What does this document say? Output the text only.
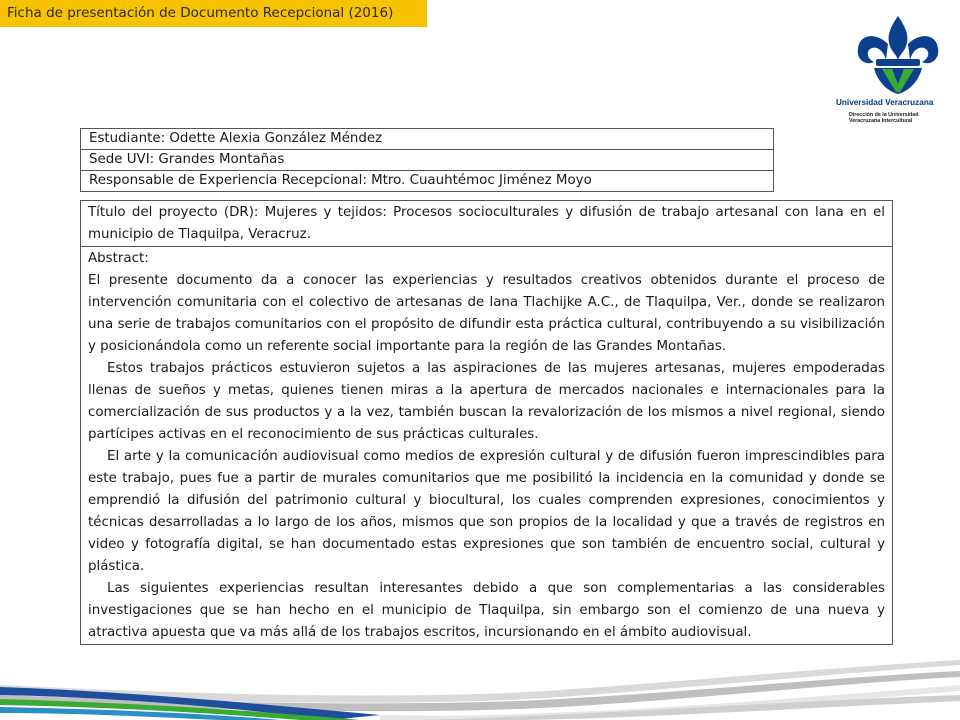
Ficha de presentación de Documento Recepcional (2016)
Universidad Veracruzana
Dirección de la Universidad
Veracruzana Intercultural
Estudiante: Odette Alexia González Méndez
Sede UVI: Grandes Montañas
Responsable de Experiencia Recepcional: Mtro. Cuauhtémoc Jiménez Moyo
Título del proyecto (DR): Mujeres y tejidos: Procesos socioculturales y difusión de trabajo artesanal con lana en el municipio de Tlaquilpa, Veracruz.

Abstract:

El presente documento da a conocer las experiencias y resultados creativos obtenidos durante el proceso de intervención comunitaria con el colectivo de artesanas de lana Tlachijke A.C., de Tlaquilpa, Ver., donde se realizaron una serie de trabajos comunitarios con el propósito de difundir esta práctica cultural, contribuyendo a su visibilización y posicionándola como un referente social importante para la región de las Grandes Montañas.

Estos trabajos prácticos estuvieron sujetos a las aspiraciones de las mujeres artesanas, mujeres empoderadas llenas de sueños y metas, quienes tienen miras a la apertura de mercados nacionales e internacionales para la comercialización de sus productos y a la vez, también buscan la revalorización de los mismos a nivel regional, siendo partícipes activas en el reconocimiento de sus prácticas culturales.

El arte y la comunicación audiovisual como medios de expresión cultural y de difusión fueron imprescindibles para este trabajo, pues fue a partir de murales comunitarios que me posibilitó la incidencia en la comunidad y donde se emprendió la difusión del patrimonio cultural y biocultural, los cuales comprenden expresiones, conocimientos y técnicas desarrolladas a lo largo de los años, mismos que son propios de la localidad y que a través de registros en video y fotografía digital, se han documentado estas expresiones que son también de encuentro social, cultural y plástica.

Las siguientes experiencias resultan interesantes debido a que son complementarias a las considerables investigaciones que se han hecho en el municipio de Tlaquilpa, sin embargo son el comienzo de una nueva y atractiva apuesta que va más allá de los trabajos escritos, incursionando en el ámbito audiovisual.
